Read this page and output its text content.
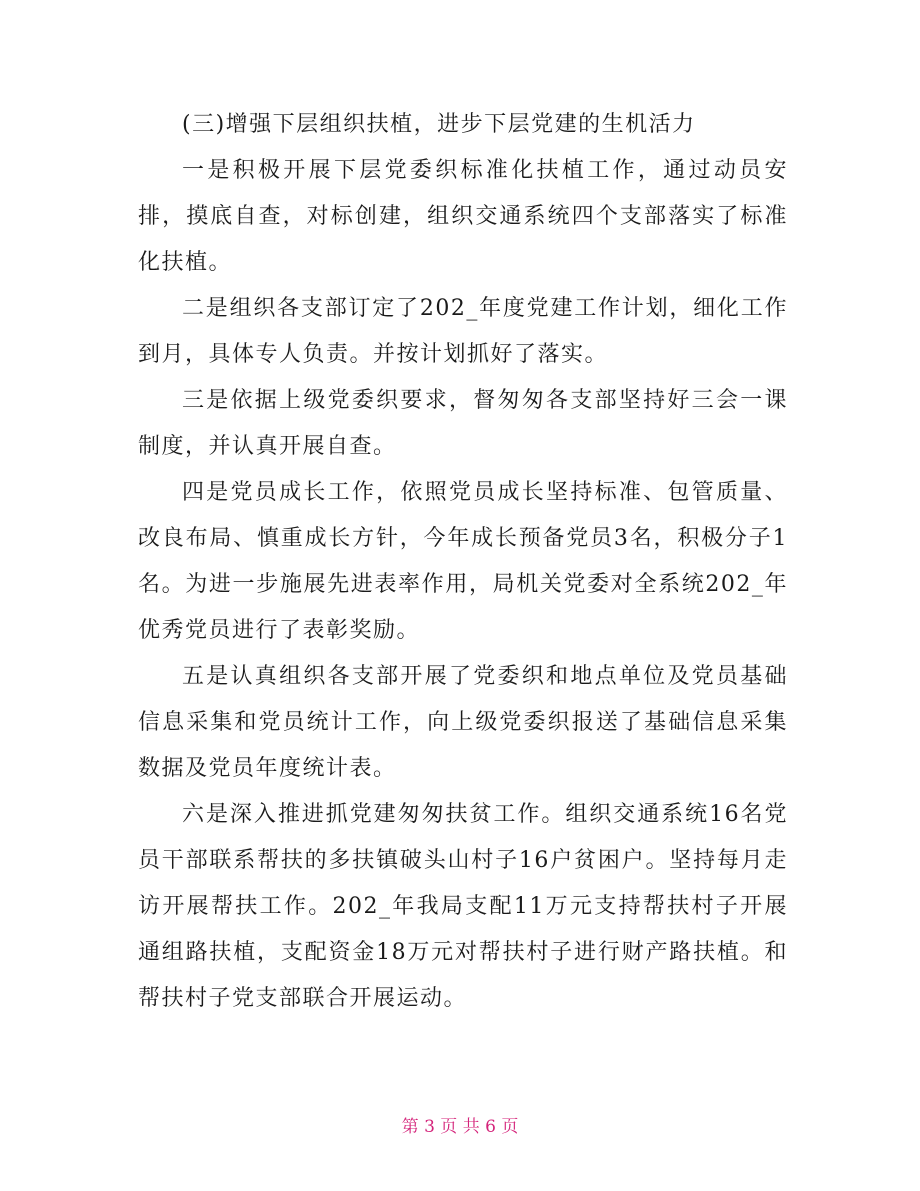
(三)增强下层组织扶植，进步下层党建的生机活力

一是积极开展下层党委织标准化扶植工作，通过动员安排，摸底自查，对标创建，组织交通系统四个支部落实了标准化扶植。

二是组织各支部订定了202_年度党建工作计划，细化工作到月，具体专人负责。并按计划抓好了落实。

三是依据上级党委织要求，督匆匆各支部坚持好三会一课制度，并认真开展自查。

四是党员成长工作，依照党员成长坚持标准、包管质量、改良布局、慎重成长方针，今年成长预备党员3名，积极分子1名。为进一步施展先进表率作用，局机关党委对全系统202_年优秀党员进行了表彰奖励。

五是认真组织各支部开展了党委织和地点单位及党员基础信息采集和党员统计工作，向上级党委织报送了基础信息采集数据及党员年度统计表。

六是深入推进抓党建匆匆扶贫工作。组织交通系统16名党员干部联系帮扶的多扶镇破头山村子16户贫困户。坚持每月走访开展帮扶工作。202_年我局支配11万元支持帮扶村子开展通组路扶植，支配资金18万元对帮扶村子进行财产路扶植。和帮扶村子党支部联合开展运动。

第 3 页 共 6 页
